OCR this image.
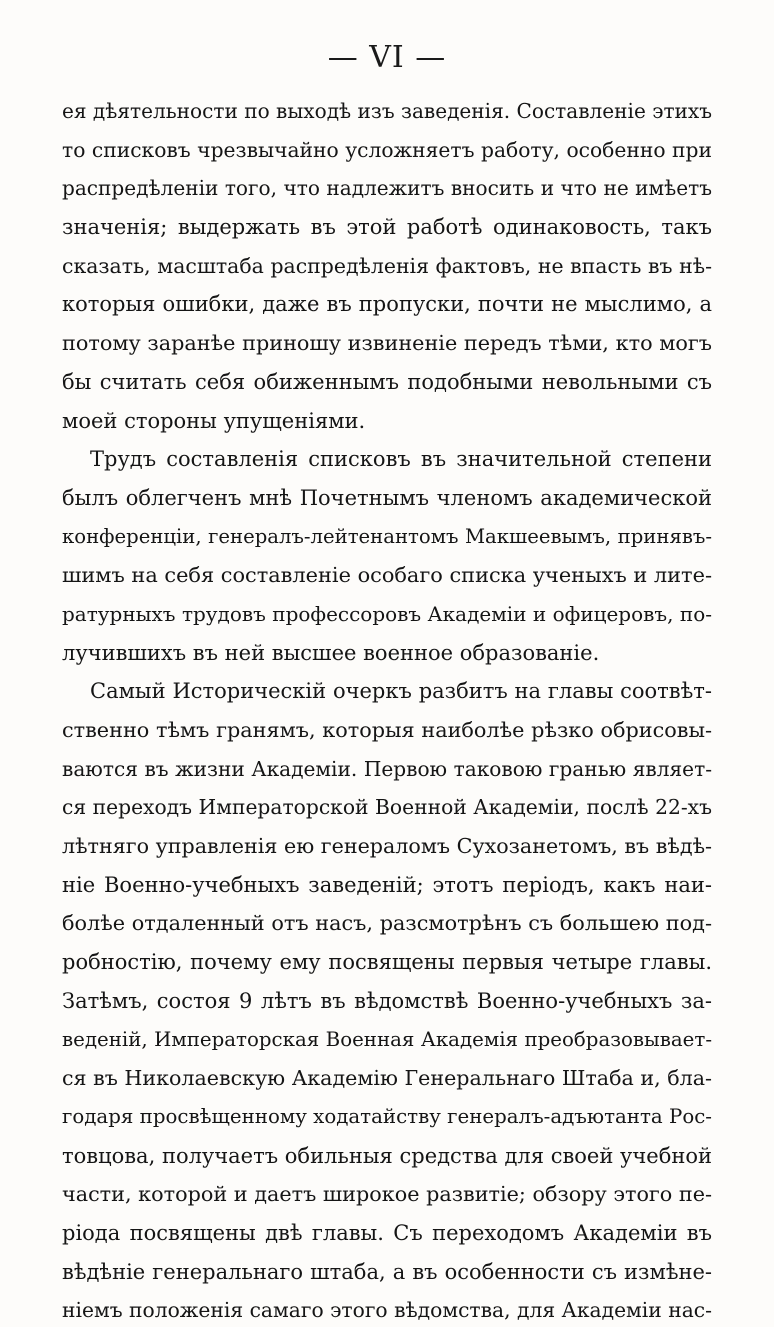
— VI —
ея дѣятельности по выходѣ изъ заведенія. Составленіе этихъ
то списковъ чрезвычайно усложняетъ работу, особенно при
распредѣленіи того, что надлежитъ вносить и что не имѣетъ
значенія; выдержать въ этой работѣ одинаковость, такъ
сказать, масштаба распредѣленія фактовъ, не впасть въ нѣ-
которыя ошибки, даже въ пропуски, почти не мыслимо, а
потому заранѣе приношу извиненіе передъ тѣми, кто могъ
бы считать себя обиженнымъ подобными невольными съ
моей стороны упущеніями.
Трудъ составленія списковъ въ значительной степени
былъ облегченъ мнѣ Почетнымъ членомъ академической
конференціи, генералъ-лейтенантомъ Макшеевымъ, принявъ-
шимъ на себя составленіе особаго списка ученыхъ и лите-
ратурныхъ трудовъ профессоровъ Академіи и офицеровъ, по-
лучившихъ въ ней высшее военное образованіе.
Самый Историческій очеркъ разбитъ на главы соотвѣт-
ственно тѣмъ гранямъ, которыя наиболѣе рѣзко обрисовы-
ваются въ жизни Академіи. Первою таковою гранью являет-
ся переходъ Императорской Военной Академіи, послѣ 22-хъ
лѣтняго управленія ею генераломъ Сухозанетомъ, въ вѣдѣ-
ніе Военно-учебныхъ заведеній; этотъ періодъ, какъ наи-
болѣе отдаленный отъ насъ, разсмотрѣнъ съ большею под-
робностію, почему ему посвящены первыя четыре главы.
Затѣмъ, состоя 9 лѣтъ въ вѣдомствѣ Военно-учебныхъ за-
веденій, Императорская Военная Академія преобразовывает-
ся въ Николаевскую Академію Генеральнаго Штаба и, бла-
годаря просвѣщенному ходатайству генералъ-адъютанта Рос-
товцова, получаетъ обильныя средства для своей учебной
части, которой и даетъ широкое развитіе; обзору этого пе-
ріода посвящены двѣ главы. Съ переходомъ Академіи въ
вѣдѣніе генеральнаго штаба, а въ особенности съ измѣне-
ніемъ положенія самаго этого вѣдомства, для Академіи нас-
